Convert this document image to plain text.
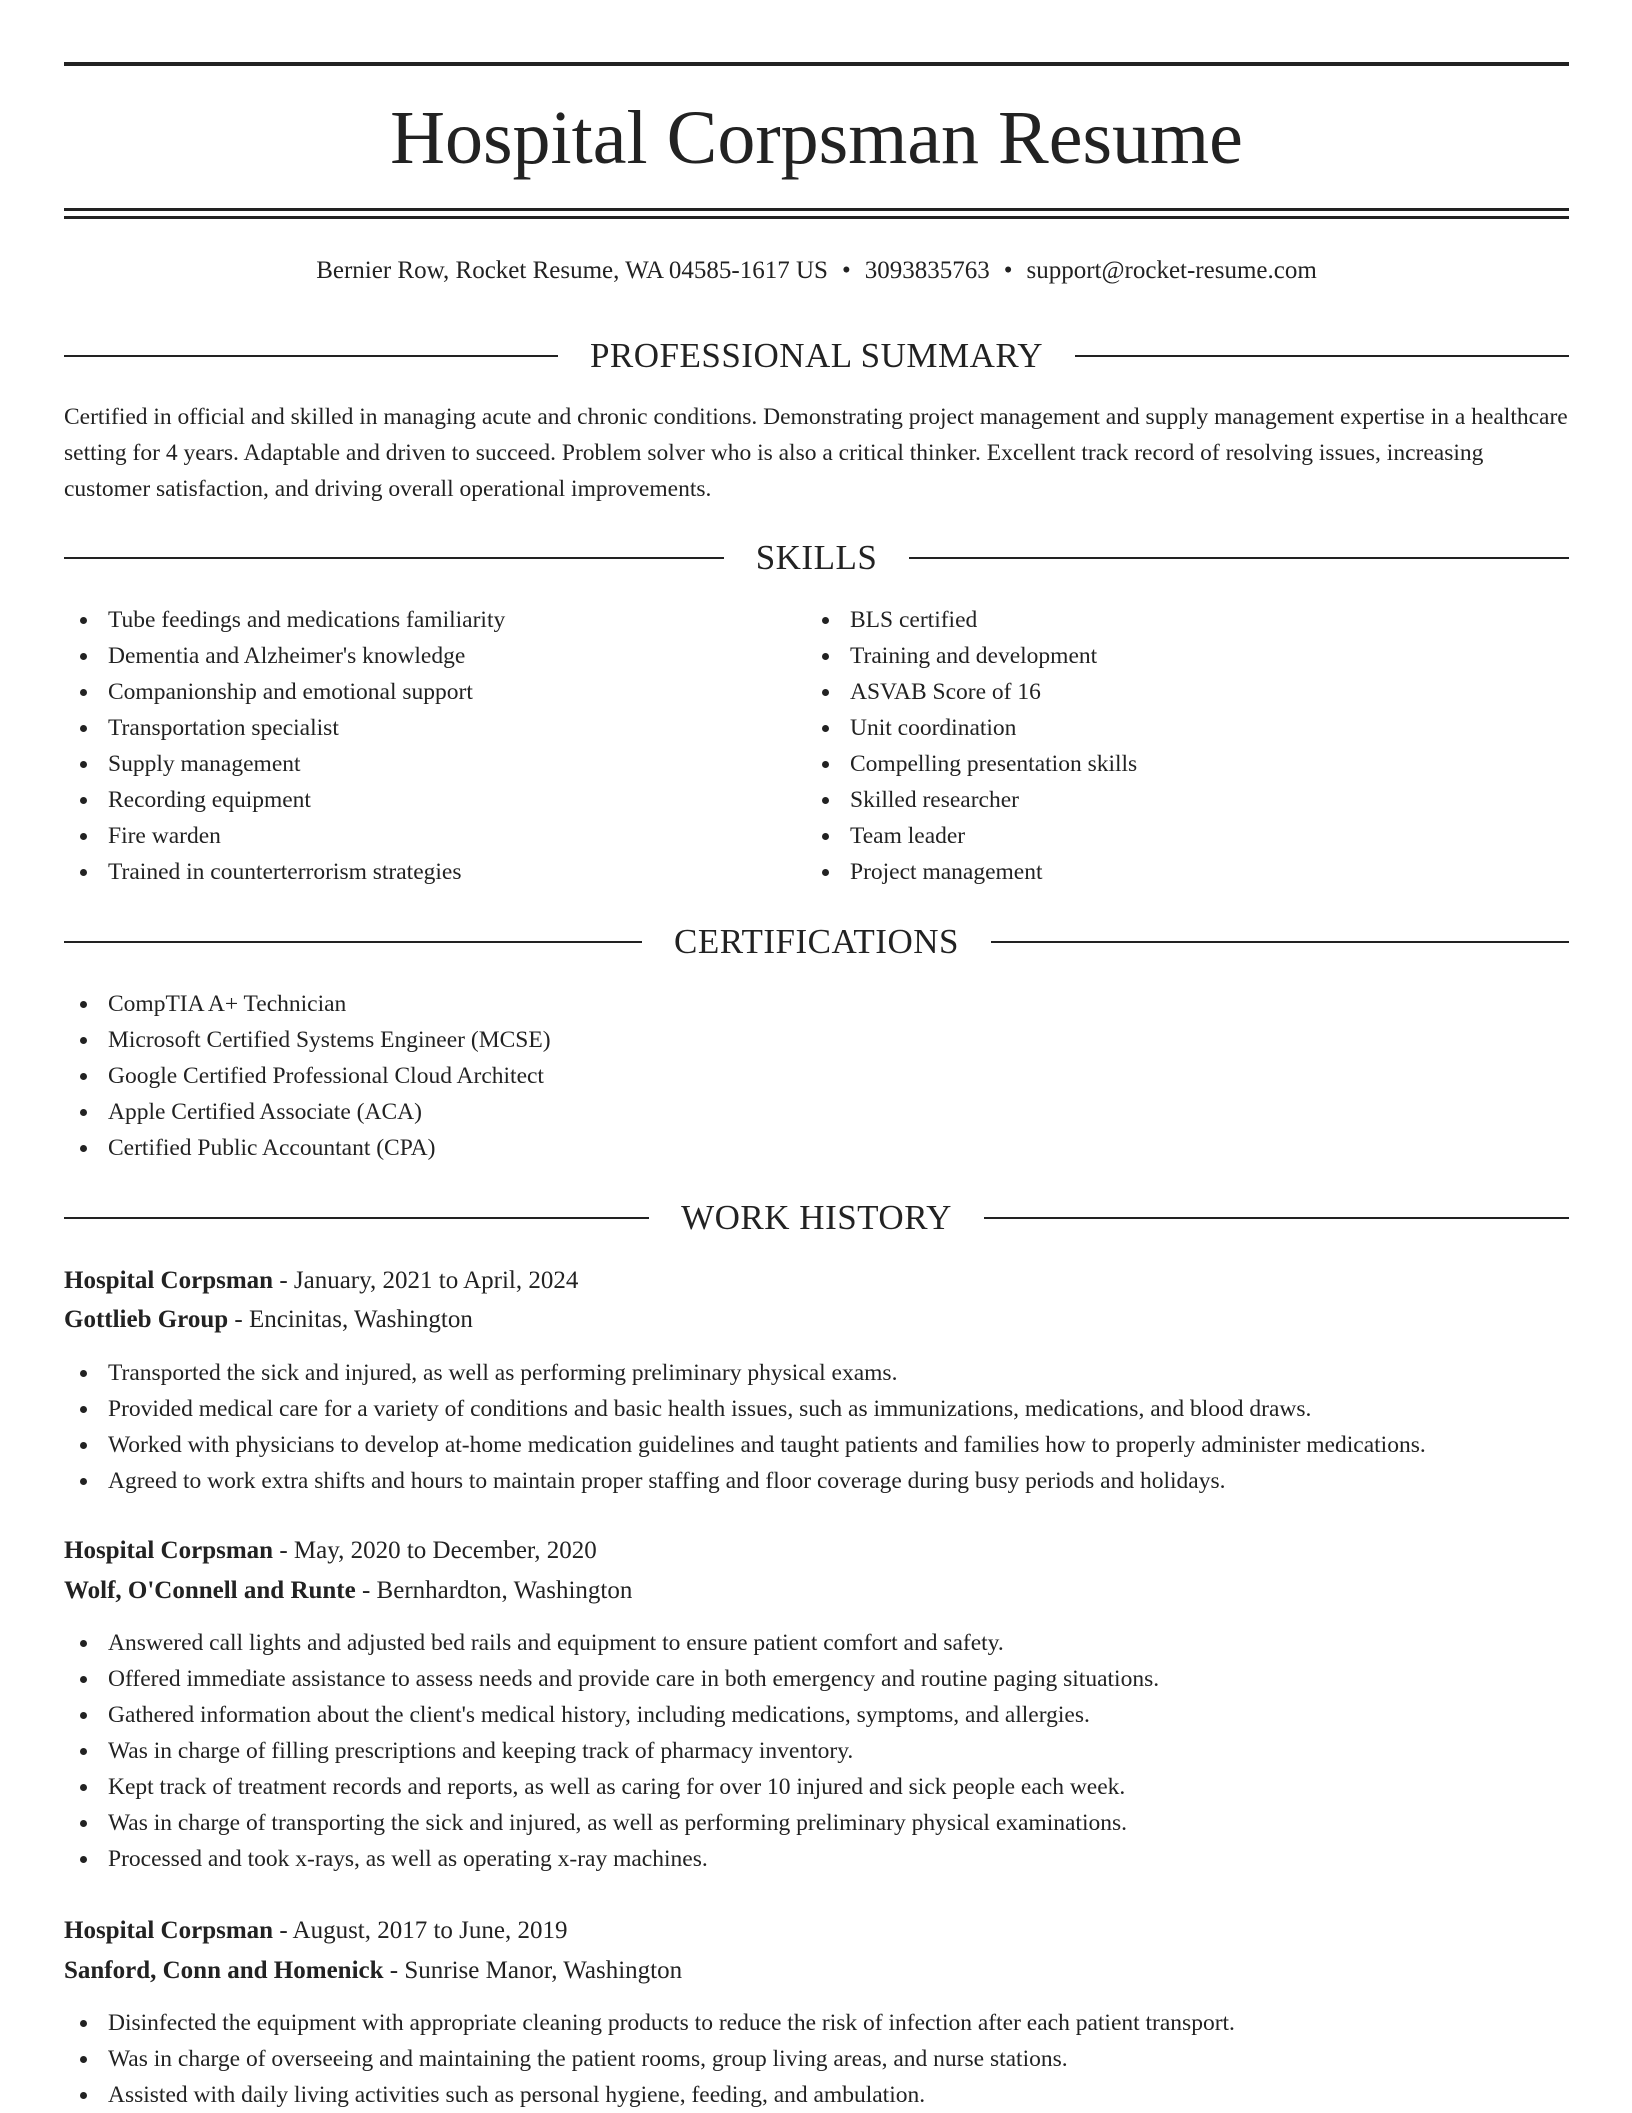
Hospital Corpsman Resume
Bernier Row, Rocket Resume, WA 04585-1617 US • 3093835763 • support@rocket-resume.com
PROFESSIONAL SUMMARY

Certified in official and skilled in managing acute and chronic conditions. Demonstrating project management and supply management expertise in a healthcare setting for 4 years. Adaptable and driven to succeed. Problem solver who is also a critical thinker. Excellent track record of resolving issues, increasing customer satisfaction, and driving overall operational improvements.

SKILLS
Tube feedings and medications familiarity
Dementia and Alzheimer's knowledge
Companionship and emotional support
Transportation specialist
Supply management
Recording equipment
Fire warden
Trained in counterterrorism strategies
BLS certified
Training and development
ASVAB Score of 16
Unit coordination
Compelling presentation skills
Skilled researcher
Team leader
Project management
CERTIFICATIONS
CompTIA A+ Technician
Microsoft Certified Systems Engineer (MCSE)
Google Certified Professional Cloud Architect
Apple Certified Associate (ACA)
Certified Public Accountant (CPA)
WORK HISTORY
Hospital Corpsman - January, 2021 to April, 2024
Gottlieb Group - Encinitas, Washington
Transported the sick and injured, as well as performing preliminary physical exams.
Provided medical care for a variety of conditions and basic health issues, such as immunizations, medications, and blood draws.
Worked with physicians to develop at-home medication guidelines and taught patients and families how to properly administer medications.
Agreed to work extra shifts and hours to maintain proper staffing and floor coverage during busy periods and holidays.
Hospital Corpsman - May, 2020 to December, 2020
Wolf, O'Connell and Runte - Bernhardton, Washington
Answered call lights and adjusted bed rails and equipment to ensure patient comfort and safety.
Offered immediate assistance to assess needs and provide care in both emergency and routine paging situations.
Gathered information about the client's medical history, including medications, symptoms, and allergies.
Was in charge of filling prescriptions and keeping track of pharmacy inventory.
Kept track of treatment records and reports, as well as caring for over 10 injured and sick people each week.
Was in charge of transporting the sick and injured, as well as performing preliminary physical examinations.
Processed and took x-rays, as well as operating x-ray machines.
Hospital Corpsman - August, 2017 to June, 2019
Sanford, Conn and Homenick - Sunrise Manor, Washington
Disinfected the equipment with appropriate cleaning products to reduce the risk of infection after each patient transport.
Was in charge of overseeing and maintaining the patient rooms, group living areas, and nurse stations.
Assisted with daily living activities such as personal hygiene, feeding, and ambulation.
